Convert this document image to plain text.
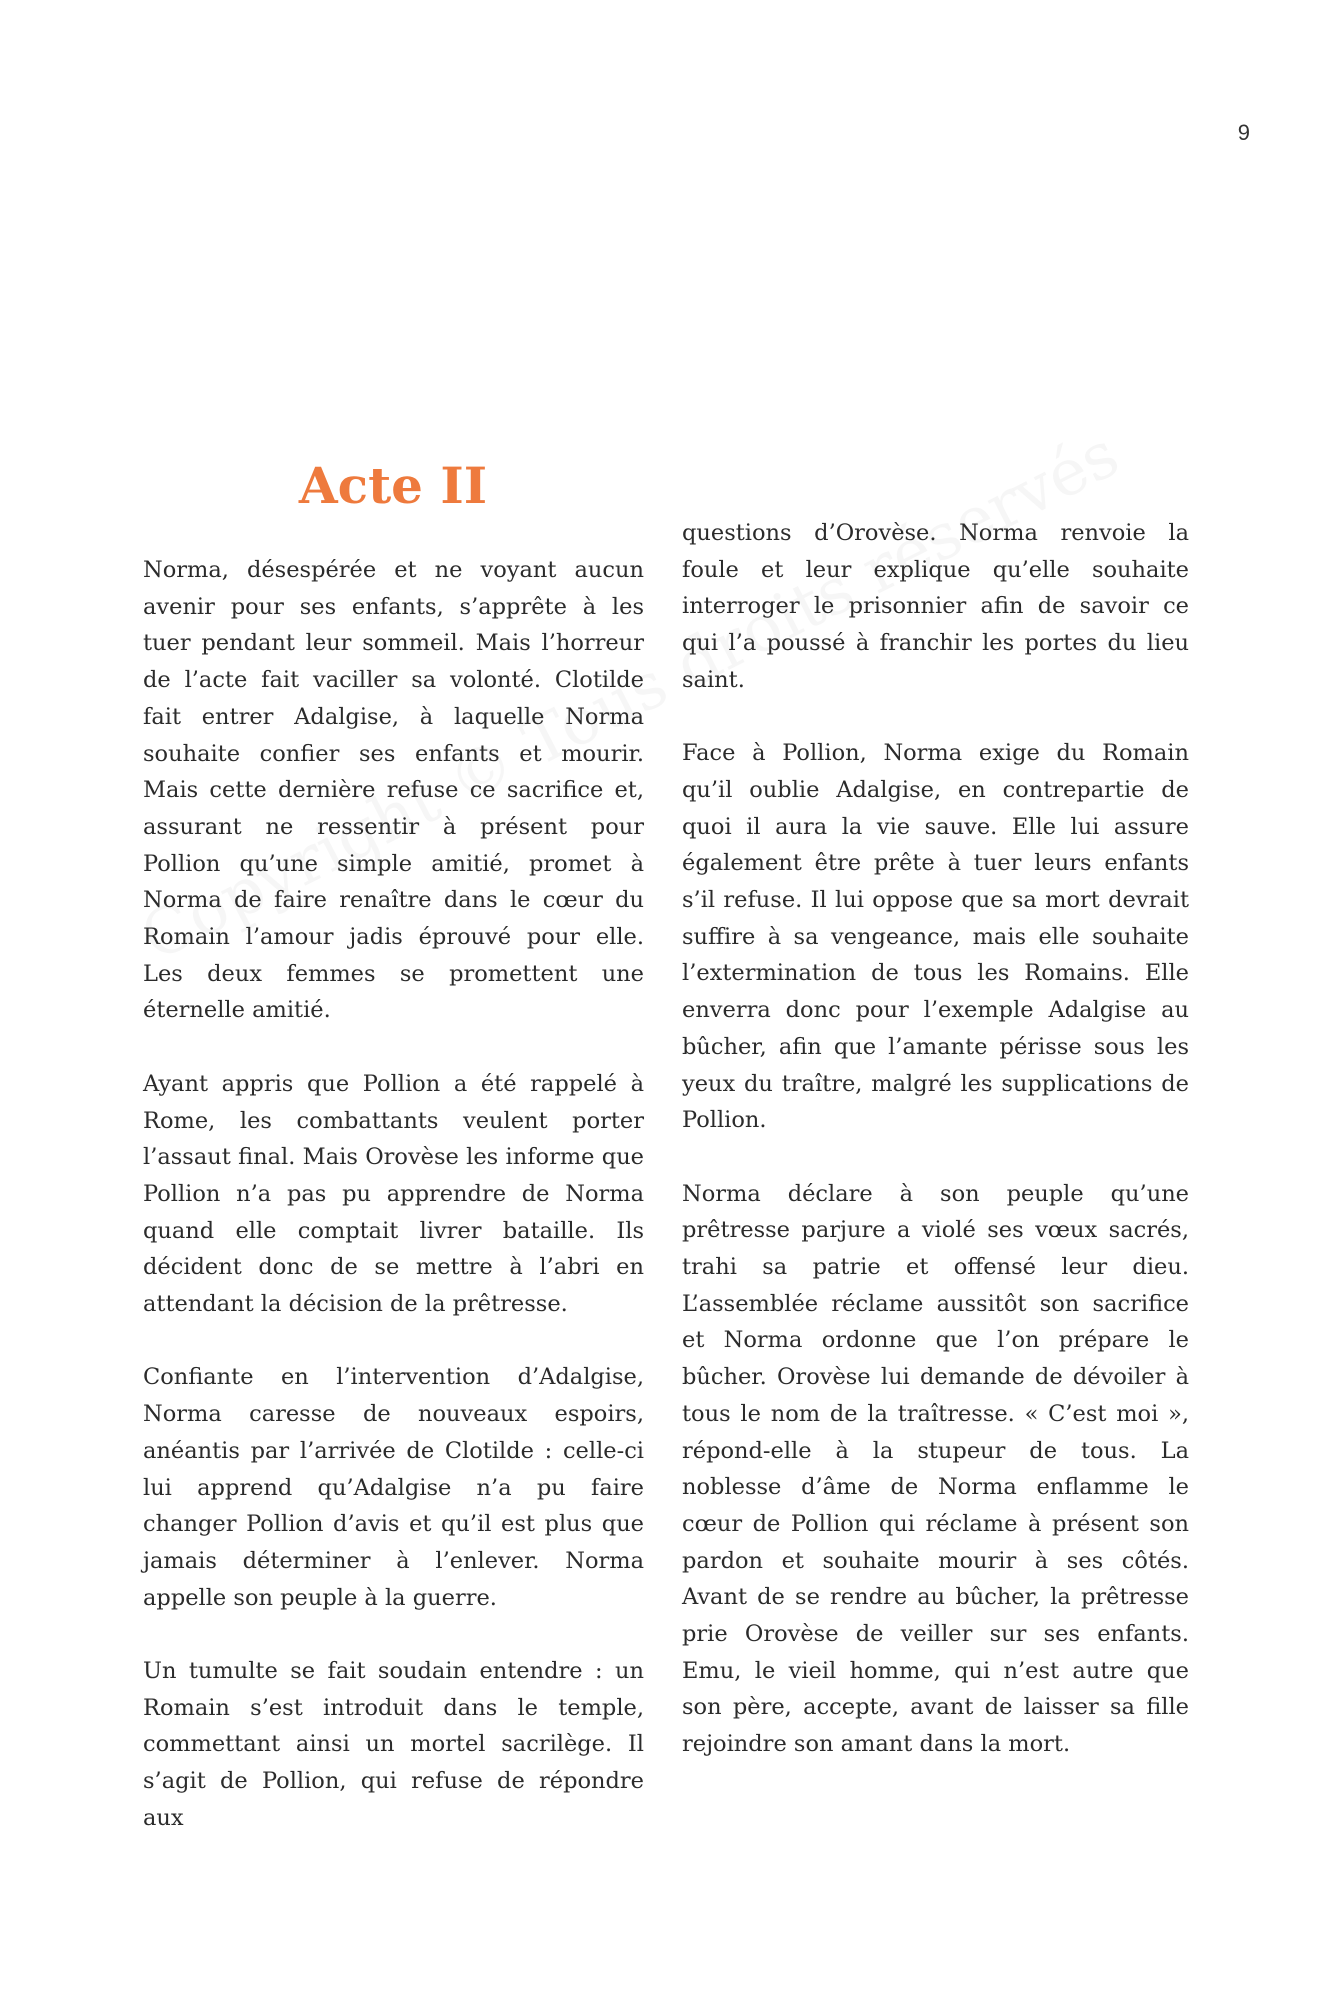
9
Acte II

Norma, désespérée et ne voyant aucun avenir pour ses enfants, s’apprête à les tuer pendant leur sommeil. Mais l’horreur de l’acte fait vaciller sa volonté. Clotilde fait entrer Adalgise, à laquelle Norma souhaite confier ses enfants et mourir. Mais cette dernière refuse ce sacrifice et, assurant ne ressentir à présent pour Pollion qu’une simple amitié, promet à Norma de faire renaître dans le cœur du Romain l’amour jadis éprouvé pour elle. Les deux femmes se promettent une éternelle amitié.

Ayant appris que Pollion a été rappelé à Rome, les combattants veulent porter l’assaut final. Mais Orovèse les informe que Pollion n’a pas pu apprendre de Norma quand elle comptait livrer bataille. Ils décident donc de se mettre à l’abri en attendant la décision de la prêtresse.

Confiante en l’intervention d’Adalgise, Norma caresse de nouveaux espoirs, anéantis par l’arrivée de Clotilde : celle-ci lui apprend qu’Adalgise n’a pu faire changer Pollion d’avis et qu’il est plus que jamais déterminer à l’enlever. Norma appelle son peuple à la guerre.

Un tumulte se fait soudain entendre : un Romain s’est introduit dans le temple, commettant ainsi un mortel sacrilège. Il s’agit de Pollion, qui refuse de répondre aux

questions d’Orovèse. Norma renvoie la foule et leur explique qu’elle souhaite interroger le prisonnier afin de savoir ce qui l’a poussé à franchir les portes du lieu saint.

Face à Pollion, Norma exige du Romain qu’il oublie Adalgise, en contrepartie de quoi il aura la vie sauve. Elle lui assure également être prête à tuer leurs enfants s’il refuse. Il lui oppose que sa mort devrait suffire à sa vengeance, mais elle souhaite l’extermination de tous les Romains. Elle enverra donc pour l’exemple Adalgise au bûcher, afin que l’amante périsse sous les yeux du traître, malgré les supplications de Pollion.

Norma déclare à son peuple qu’une prêtresse parjure a violé ses vœux sacrés, trahi sa patrie et offensé leur dieu. L’assemblée réclame aussitôt son sacrifice et Norma ordonne que l’on prépare le bûcher. Orovèse lui demande de dévoiler à tous le nom de la traîtresse. « C’est moi », répond-elle à la stupeur de tous. La noblesse d’âme de Norma enflamme le cœur de Pollion qui réclame à présent son pardon et souhaite mourir à ses côtés. Avant de se rendre au bûcher, la prêtresse prie Orovèse de veiller sur ses enfants. Emu, le vieil homme, qui n’est autre que son père, accepte, avant de laisser sa fille rejoindre son amant dans la mort.
